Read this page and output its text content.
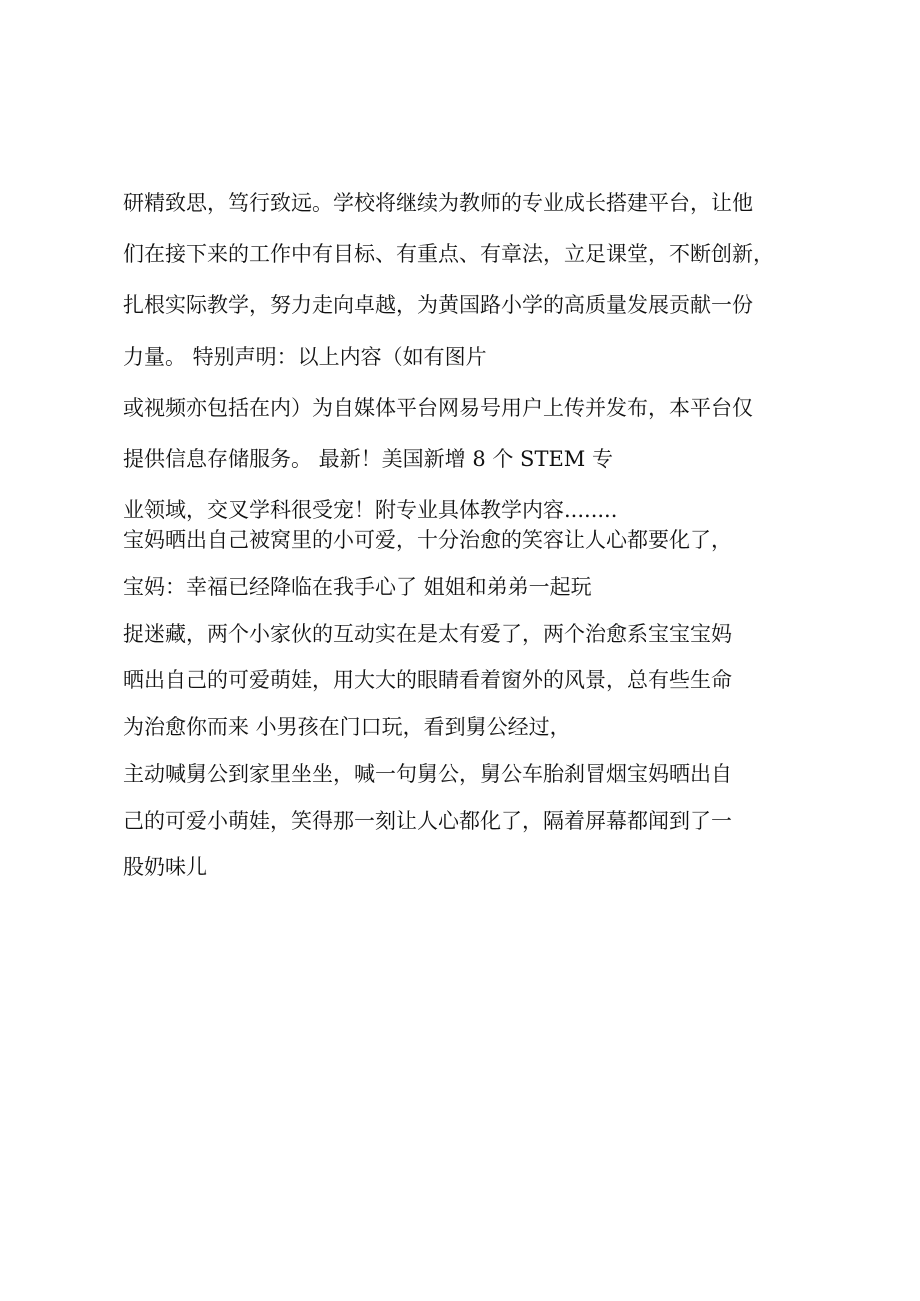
研精致思，笃行致远。学校将继续为教师的专业成长搭建平台，让他
们在接下来的工作中有目标、有重点、有章法，立足课堂，不断创新，
扎根实际教学，努力走向卓越，为黄国路小学的高质量发展贡献一份
力量。 特别声明：以上内容（如有图片
或视频亦包括在内）为自媒体平台网易号用户上传并发布，本平台仅
提供信息存储服务。 最新！美国新增 8 个 STEM 专
业领域，交叉学科很受宠！附专业具体教学内容........
宝妈晒出自己被窝里的小可爱，十分治愈的笑容让人心都要化了，
宝妈：幸福已经降临在我手心了 姐姐和弟弟一起玩
捉迷藏，两个小家伙的互动实在是太有爱了，两个治愈系宝宝宝妈
晒出自己的可爱萌娃，用大大的眼睛看着窗外的风景，总有些生命
为治愈你而来 小男孩在门口玩，看到舅公经过，
主动喊舅公到家里坐坐，喊一句舅公，舅公车胎刹冒烟宝妈晒出自
己的可爱小萌娃，笑得那一刻让人心都化了，隔着屏幕都闻到了一
股奶味儿
